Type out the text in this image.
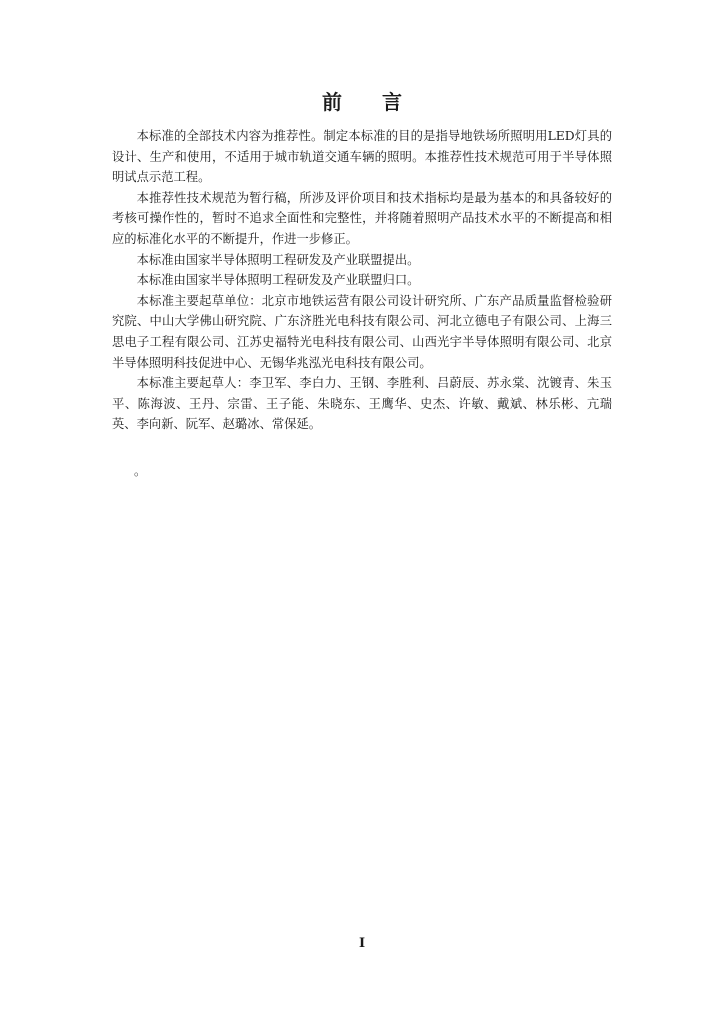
前　　言

本标准的全部技术内容为推荐性。制定本标准的目的是指导地铁场所照明用LED灯具的设计、生产和使用，不适用于城市轨道交通车辆的照明。本推荐性技术规范可用于半导体照明试点示范工程。

本推荐性技术规范为暂行稿，所涉及评价项目和技术指标均是最为基本的和具备较好的考核可操作性的，暂时不追求全面性和完整性，并将随着照明产品技术水平的不断提高和相应的标准化水平的不断提升，作进一步修正。

本标准由国家半导体照明工程研发及产业联盟提出。

本标准由国家半导体照明工程研发及产业联盟归口。

本标准主要起草单位：北京市地铁运营有限公司设计研究所、广东产品质量监督检验研究院、中山大学佛山研究院、广东济胜光电科技有限公司、河北立德电子有限公司、上海三思电子工程有限公司、江苏史福特光电科技有限公司、山西光宇半导体照明有限公司、北京半导体照明科技促进中心、无锡华兆泓光电科技有限公司。

本标准主要起草人：李卫军、李白力、王钢、李胜利、吕蔚辰、苏永棠、沈镀青、朱玉平、陈海波、王丹、宗雷、王子能、朱晓东、王鹰华、史杰、许敏、戴斌、林乐彬、亢瑞英、李向新、阮军、赵璐冰、常保延。

。
I
